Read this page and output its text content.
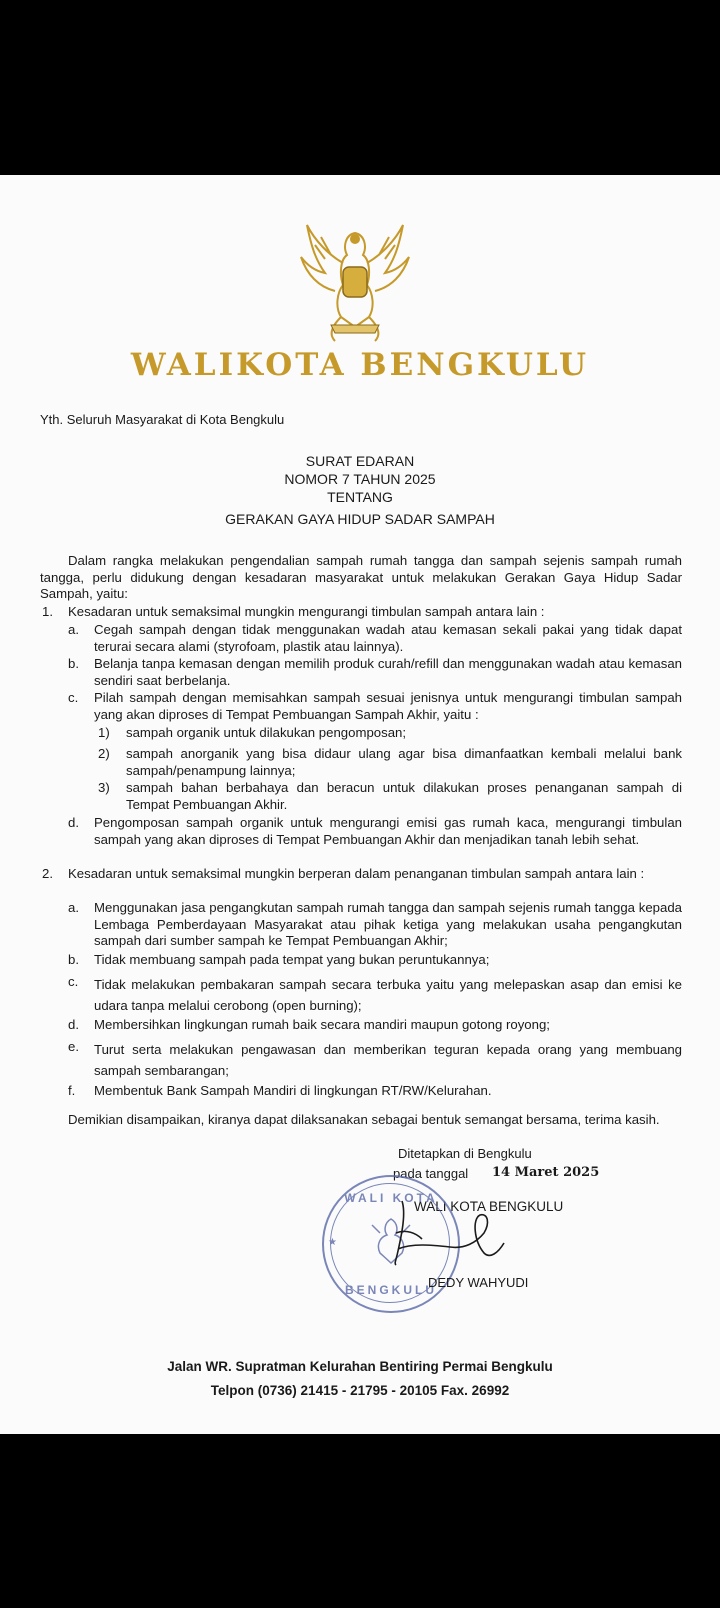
WALIKOTA BENGKULU
Yth. Seluruh Masyarakat di Kota Bengkulu
SURAT EDARAN
NOMOR 7 TAHUN 2025
TENTANG
GERAKAN GAYA HIDUP SADAR SAMPAH
Dalam rangka melakukan pengendalian sampah rumah tangga dan sampah sejenis sampah rumah tangga, perlu didukung dengan kesadaran masyarakat untuk melakukan Gerakan Gaya Hidup Sadar Sampah, yaitu:
1. Kesadaran untuk semaksimal mungkin mengurangi timbulan sampah antara lain :
a. Cegah sampah dengan tidak menggunakan wadah atau kemasan sekali pakai yang tidak dapat terurai secara alami (styrofoam, plastik atau lainnya).
b. Belanja tanpa kemasan dengan memilih produk curah/refill dan menggunakan wadah atau kemasan sendiri saat berbelanja.
c. Pilah sampah dengan memisahkan sampah sesuai jenisnya untuk mengurangi timbulan sampah yang akan diproses di Tempat Pembuangan Sampah Akhir, yaitu :
1) sampah organik untuk dilakukan pengomposan;
2) sampah anorganik yang bisa didaur ulang agar bisa dimanfaatkan kembali melalui bank sampah/penampung lainnya;
3) sampah bahan berbahaya dan beracun untuk dilakukan proses penanganan sampah di Tempat Pembuangan Akhir.
d. Pengomposan sampah organik untuk mengurangi emisi gas rumah kaca, mengurangi timbulan sampah yang akan diproses di Tempat Pembuangan Akhir dan menjadikan tanah lebih sehat.
2. Kesadaran untuk semaksimal mungkin berperan dalam penanganan timbulan sampah antara lain :
a. Menggunakan jasa pengangkutan sampah rumah tangga dan sampah sejenis rumah tangga kepada Lembaga Pemberdayaan Masyarakat atau pihak ketiga yang melakukan usaha pengangkutan sampah dari sumber sampah ke Tempat Pembuangan Akhir;
b. Tidak membuang sampah pada tempat yang bukan peruntukannya;
c. Tidak melakukan pembakaran sampah secara terbuka yaitu yang melepaskan asap dan emisi ke udara tanpa melalui cerobong (open burning);
d. Membersihkan lingkungan rumah baik secara mandiri maupun gotong royong;
e. Turut serta melakukan pengawasan dan memberikan teguran kepada orang yang membuang sampah sembarangan;
f. Membentuk Bank Sampah Mandiri di lingkungan RT/RW/Kelurahan.
Demikian disampaikan, kiranya dapat dilaksanakan sebagai bentuk semangat bersama, terima kasih.
Ditetapkan di Bengkulu
pada tanggal 14 Maret 2025
WALI KOTA BENGKULU
WALI KOTA
BENGKULU
★
DEDY WAHYUDI
Jalan WR. Supratman Kelurahan Bentiring Permai Bengkulu
Telpon (0736) 21415 - 21795 - 20105 Fax. 26992
